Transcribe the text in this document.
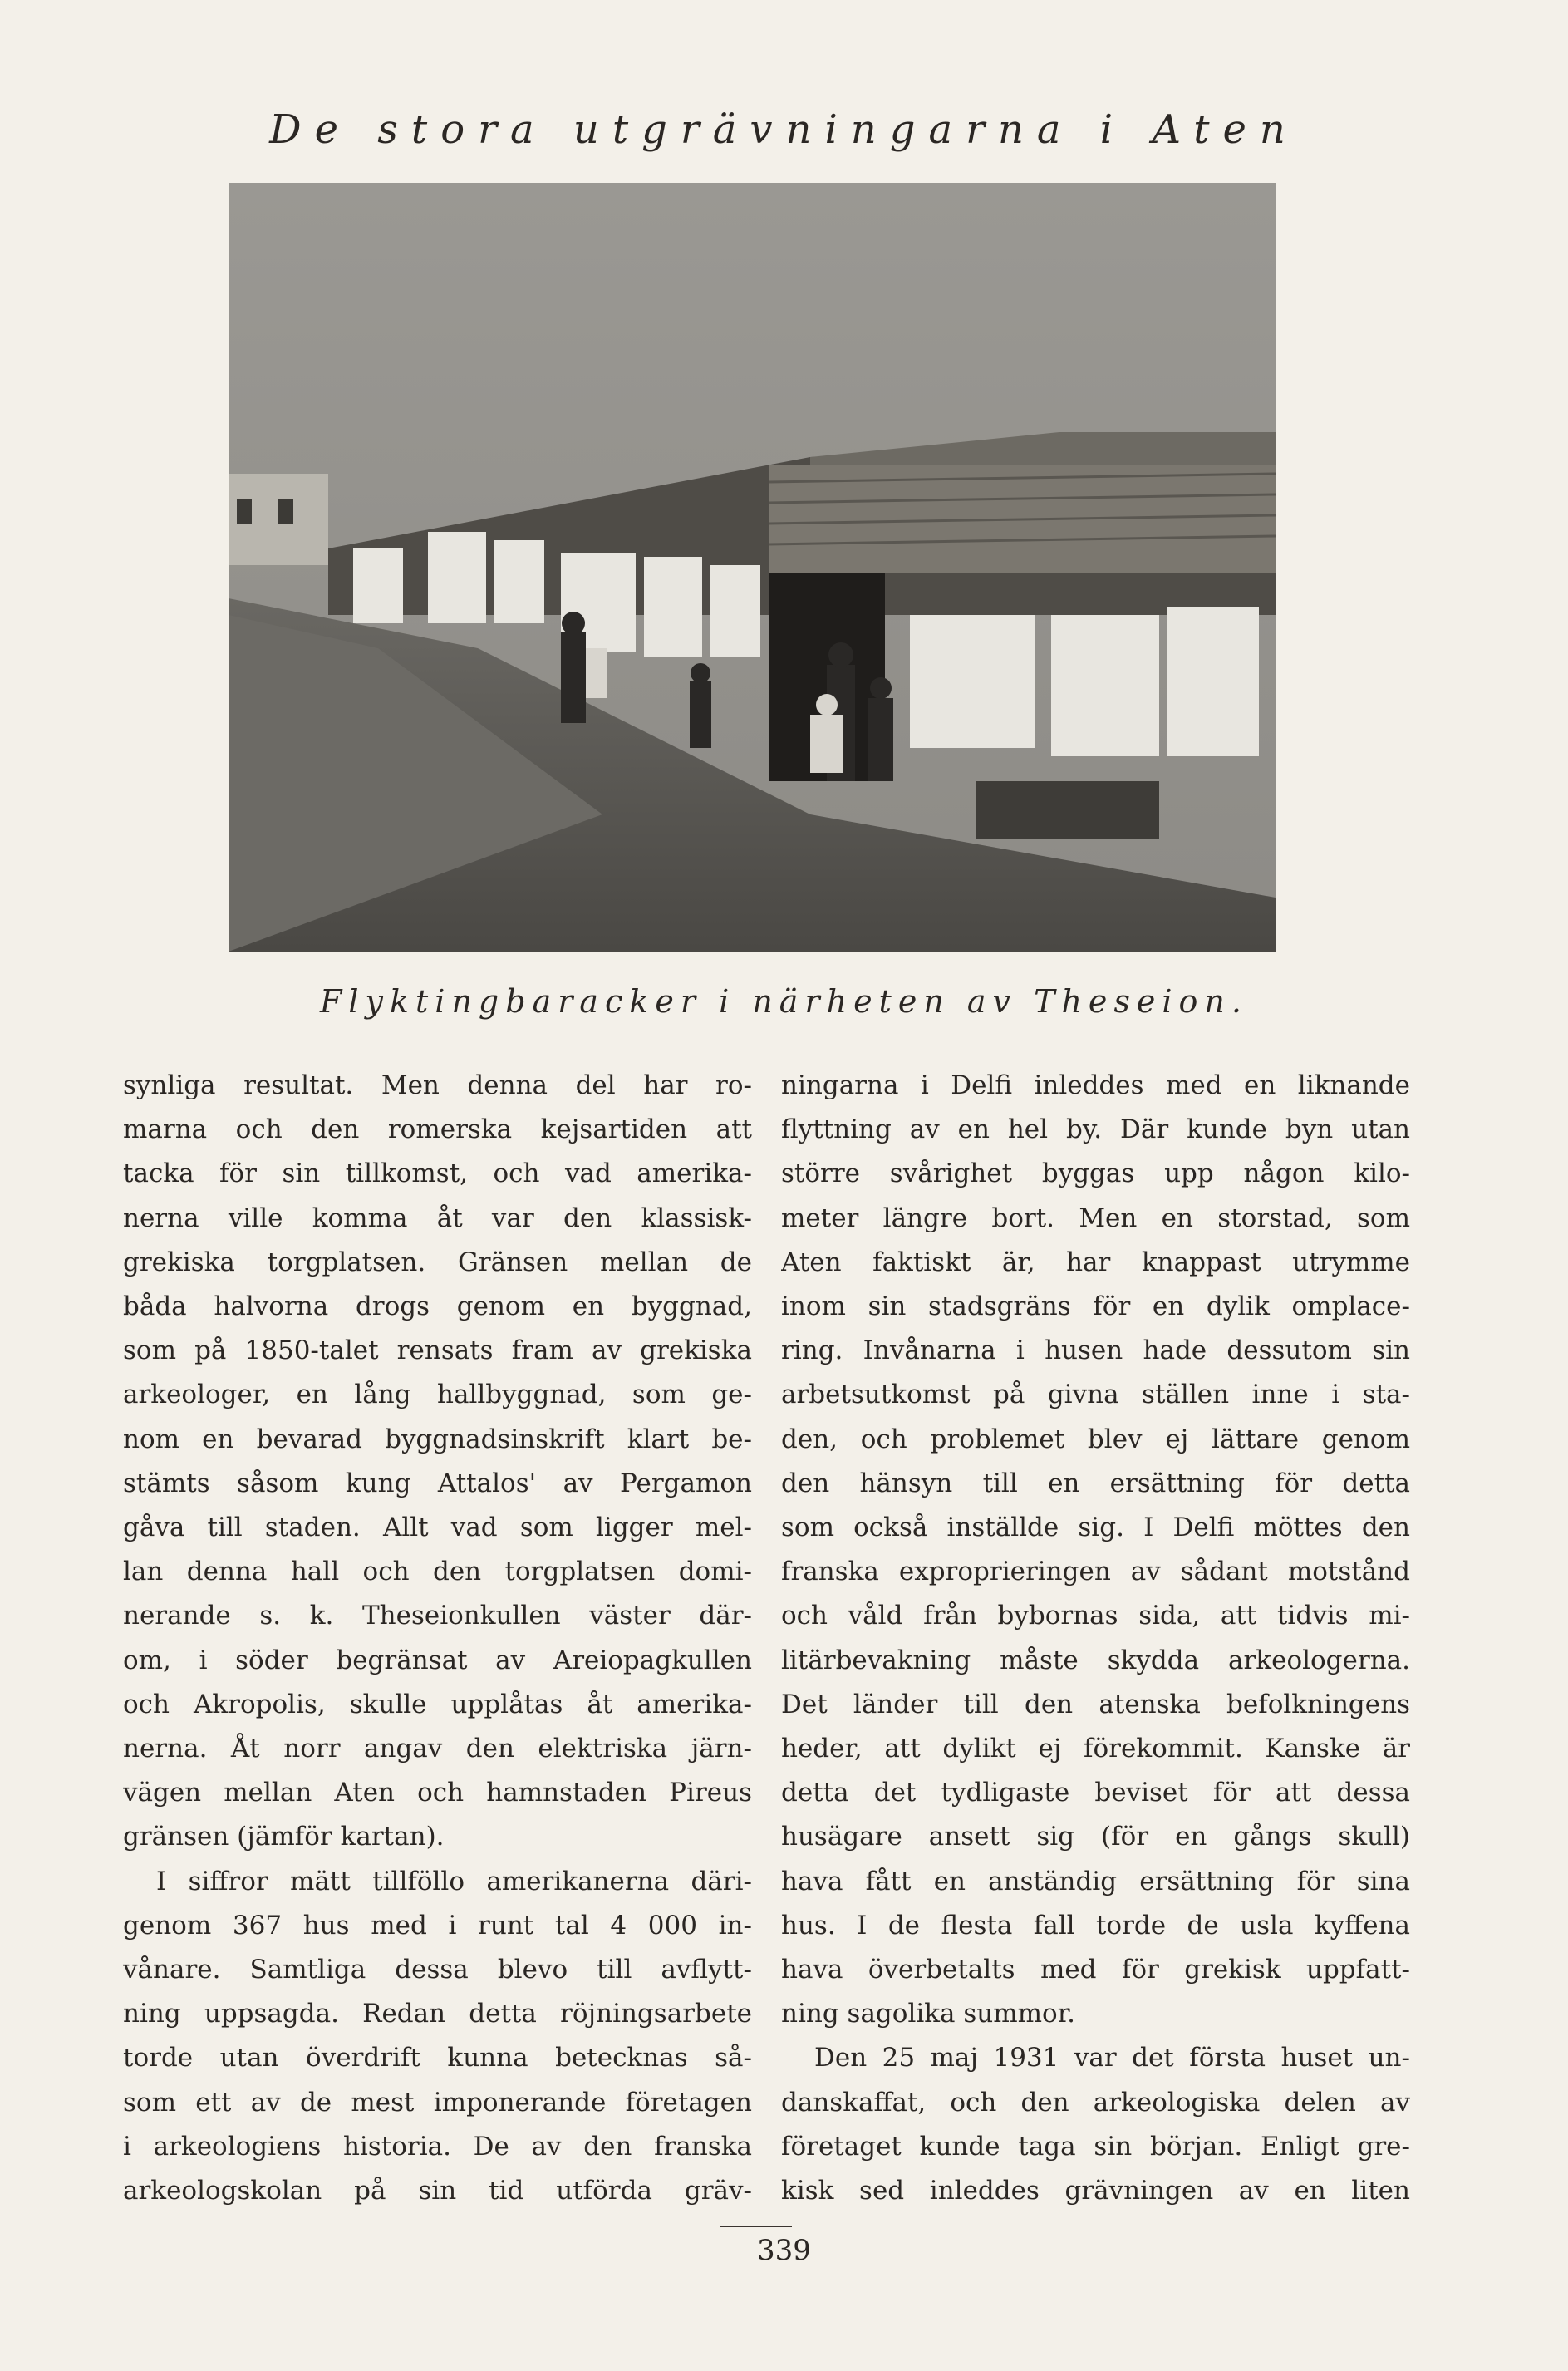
De stora utgrävningarna i Aten
Flyktingbaracker i närheten av Theseion.
synliga resultat. Men denna del har ro-
marna och den romerska kejsartiden att
tacka för sin tillkomst, och vad amerika-
nerna ville komma åt var den klassisk-
grekiska torgplatsen. Gränsen mellan de
båda halvorna drogs genom en byggnad,
som på 1850-talet rensats fram av grekiska
arkeologer, en lång hallbyggnad, som ge-
nom en bevarad byggnadsinskrift klart be-
stämts såsom kung Attalos' av Pergamon
gåva till staden. Allt vad som ligger mel-
lan denna hall och den torgplatsen domi-
nerande s. k. Theseionkullen väster där-
om, i söder begränsat av Areiopagkullen
och Akropolis, skulle upplåtas åt amerika-
nerna. Åt norr angav den elektriska järn-
vägen mellan Aten och hamnstaden Pireus
gränsen (jämför kartan).
I siffror mätt tillföllo amerikanerna däri-
genom 367 hus med i runt tal 4 000 in-
vånare. Samtliga dessa blevo till avflytt-
ning uppsagda. Redan detta röjningsarbete
torde utan överdrift kunna betecknas så-
som ett av de mest imponerande företagen
i arkeologiens historia. De av den franska
arkeologskolan på sin tid utförda gräv-
ningarna i Delfi inleddes med en liknande
flyttning av en hel by. Där kunde byn utan
större svårighet byggas upp någon kilo-
meter längre bort. Men en storstad, som
Aten faktiskt är, har knappast utrymme
inom sin stadsgräns för en dylik omplace-
ring. Invånarna i husen hade dessutom sin
arbetsutkomst på givna ställen inne i sta-
den, och problemet blev ej lättare genom
den hänsyn till en ersättning för detta
som också inställde sig. I Delfi möttes den
franska exproprieringen av sådant motstånd
och våld från bybornas sida, att tidvis mi-
litärbevakning måste skydda arkeologerna.
Det länder till den atenska befolkningens
heder, att dylikt ej förekommit. Kanske är
detta det tydligaste beviset för att dessa
husägare ansett sig (för en gångs skull)
hava fått en anständig ersättning för sina
hus. I de flesta fall torde de usla kyffena
hava överbetalts med för grekisk uppfatt-
ning sagolika summor.
Den 25 maj 1931 var det första huset un-
danskaffat, och den arkeologiska delen av
företaget kunde taga sin början. Enligt gre-
kisk sed inleddes grävningen av en liten
339
